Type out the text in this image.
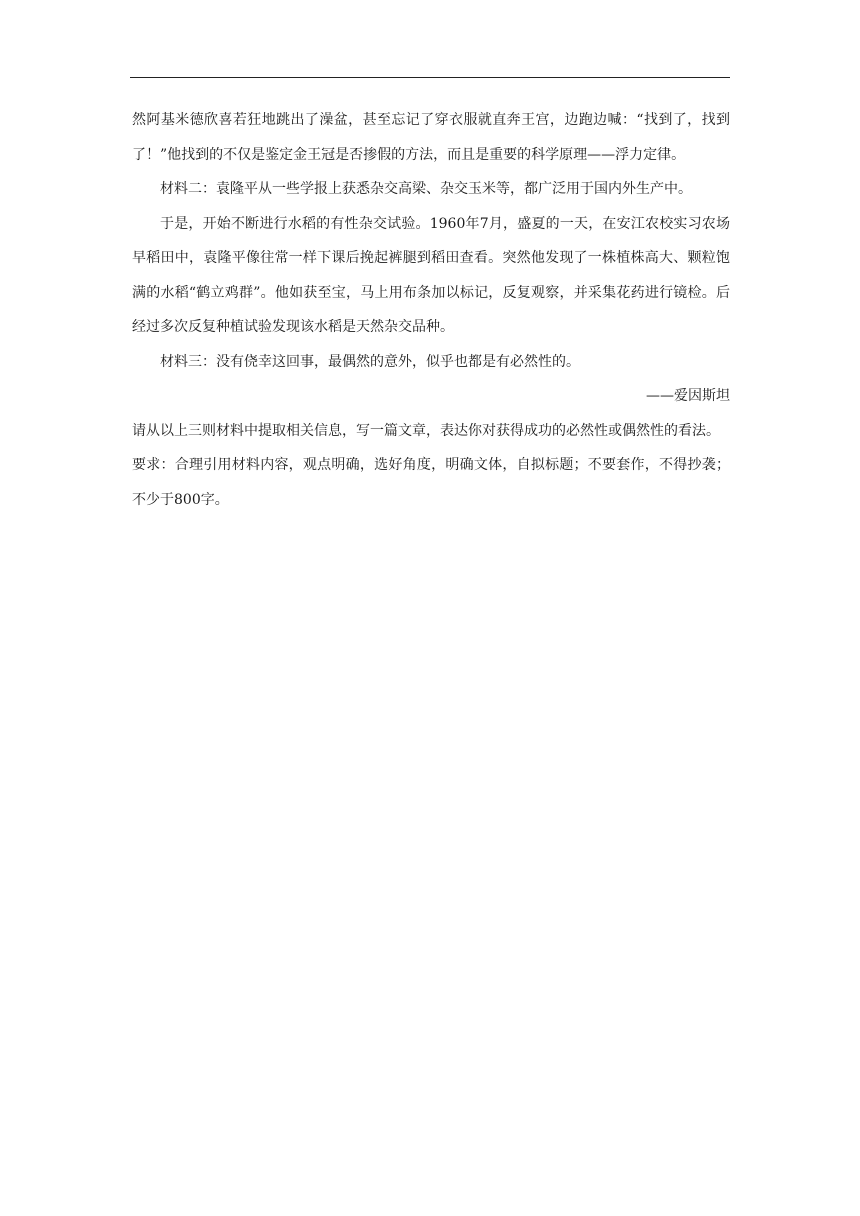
然阿基米德欣喜若狂地跳出了澡盆，甚至忘记了穿衣服就直奔王宫，边跑边喊：“找到了，找到了！”他找到的不仅是鉴定金王冠是否掺假的方法，而且是重要的科学原理——浮力定律。

材料二：袁隆平从一些学报上获悉杂交高梁、杂交玉米等，都广泛用于国内外生产中。

于是，开始不断进行水稻的有性杂交试验。1960年7月，盛夏的一天，在安江农校实习农场早稻田中，袁隆平像往常一样下课后挽起裤腿到稻田查看。突然他发现了一株植株高大、颗粒饱满的水稻“鹤立鸡群”。他如获至宝，马上用布条加以标记，反复观察，并采集花药进行镜检。后经过多次反复种植试验发现该水稻是天然杂交品种。

材料三：没有侥幸这回事，最偶然的意外，似乎也都是有必然性的。

——爱因斯坦

请从以上三则材料中提取相关信息，写一篇文章，表达你对获得成功的必然性或偶然性的看法。

要求：合理引用材料内容，观点明确，选好角度，明确文体，自拟标题；不要套作，不得抄袭；不少于800字。
